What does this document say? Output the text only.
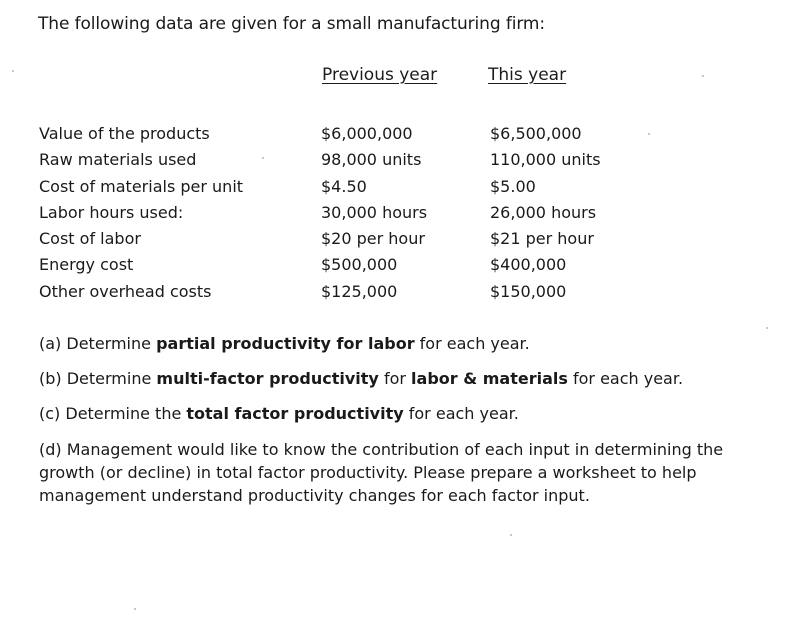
The following data are given for a small manufacturing firm:
Previous year	This year
Value of the products
Raw materials used
Cost of materials per unit
Labor hours used:
Cost of labor
Energy cost
Other overhead costs
$6,000,000
98,000 units
$4.50
30,000 hours
$20 per hour
$500,000
$125,000
$6,500,000
110,000 units
$5.00
26,000 hours
$21 per hour
$400,000
$150,000
(a) Determine partial productivity for labor for each year.
(b) Determine multi-factor productivity for labor & materials for each year.
(c) Determine the total factor productivity for each year.
(d) Management would like to know the contribution of each input in determining the growth (or decline) in total factor productivity. Please prepare a worksheet to help management understand productivity changes for each factor input.
